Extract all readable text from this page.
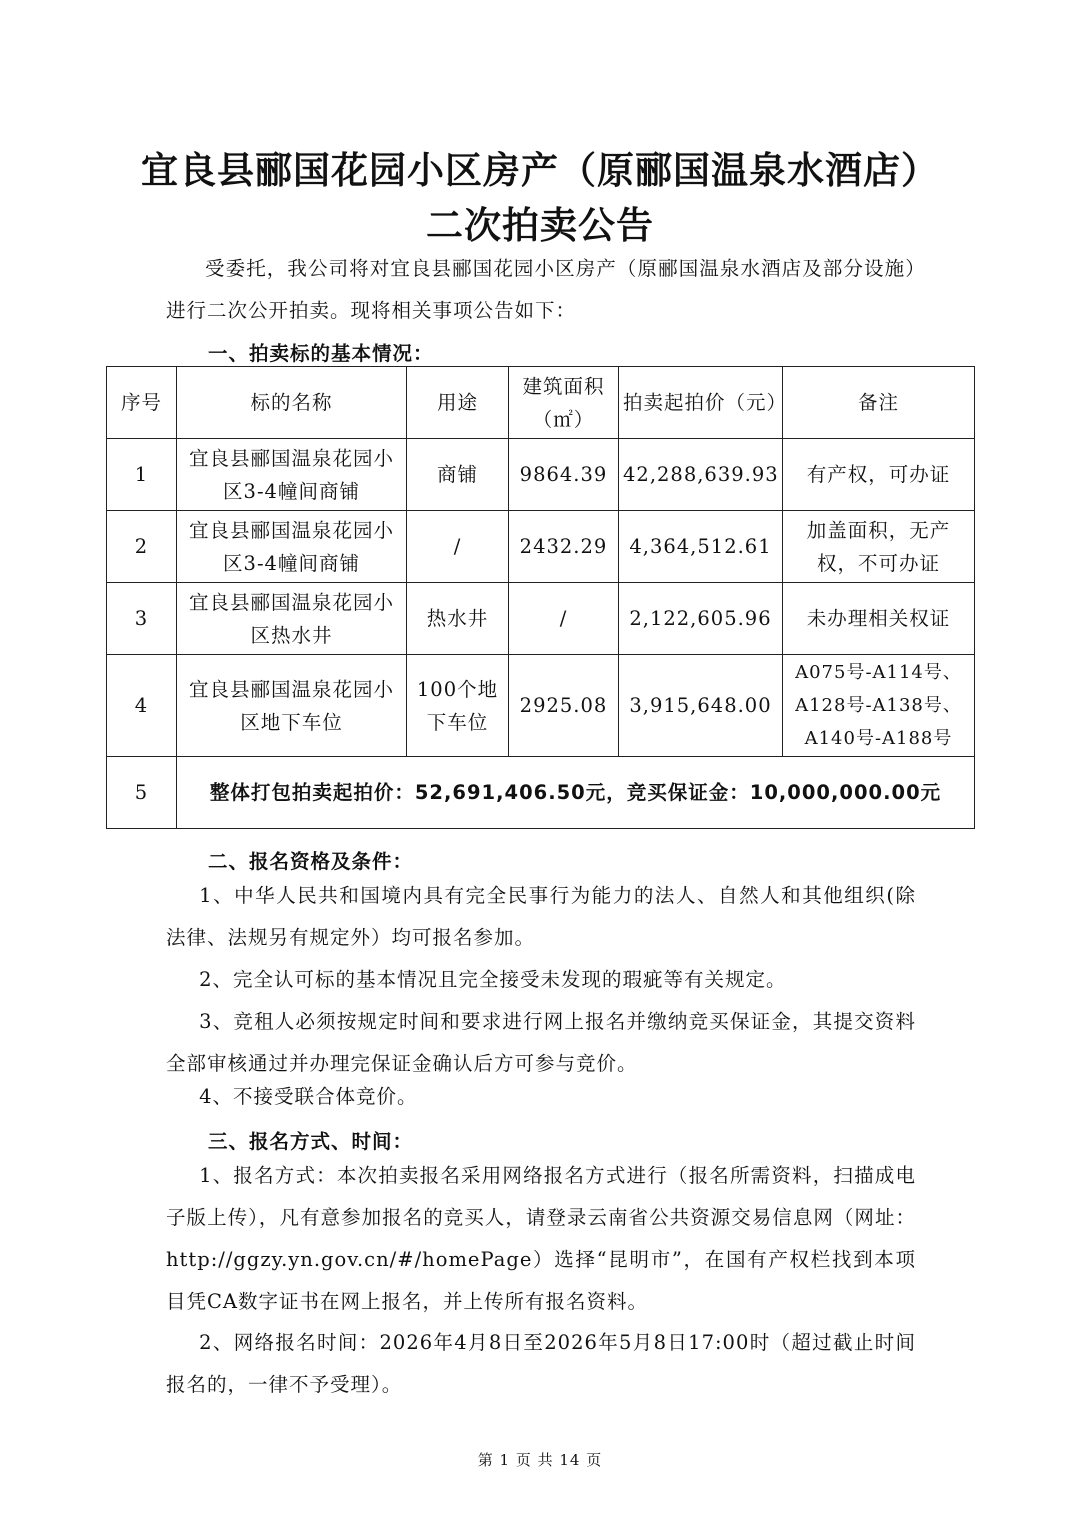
宜良县郦国花园小区房产（原郦国温泉水酒店）
二次拍卖公告

受委托，我公司将对宜良县郦国花园小区房产（原郦国温泉水酒店及部分设施）进行二次公开拍卖。现将相关事项公告如下：

一、拍卖标的基本情况：

序号	标的名称	用途	建筑面积（㎡）	拍卖起拍价（元）	备注
1	宜良县郦国温泉花园小区3-4幢间商铺	商铺	9864.39	42,288,639.93	有产权，可办证
2	宜良县郦国温泉花园小区3-4幢间商铺	/	2432.29	4,364,512.61	加盖面积，无产权，不可办证
3	宜良县郦国温泉花园小区热水井	热水井	/	2,122,605.96	未办理相关权证
4	宜良县郦国温泉花园小区地下车位	100个地下车位	2925.08	3,915,648.00	A075号-A114号、A128号-A138号、A140号-A188号
5	整体打包拍卖起拍价：52,691,406.50元，竞买保证金：10,000,000.00元				

二、报名资格及条件：

1、中华人民共和国境内具有完全民事行为能力的法人、自然人和其他组织(除法律、法规另有规定外）均可报名参加。

2、完全认可标的基本情况且完全接受未发现的瑕疵等有关规定。

3、竞租人必须按规定时间和要求进行网上报名并缴纳竞买保证金，其提交资料全部审核通过并办理完保证金确认后方可参与竞价。

4、不接受联合体竞价。

三、报名方式、时间：

1、报名方式：本次拍卖报名采用网络报名方式进行（报名所需资料，扫描成电子版上传），凡有意参加报名的竞买人，请登录云南省公共资源交易信息网（网址：http://ggzy.yn.gov.cn/#/homePage）选择“昆明市”，在国有产权栏找到本项目凭CA数字证书在网上报名，并上传所有报名资料。

2、网络报名时间：2026年4月8日至2026年5月8日17:00时（超过截止时间报名的，一律不予受理）。

第 1 页 共 14 页
